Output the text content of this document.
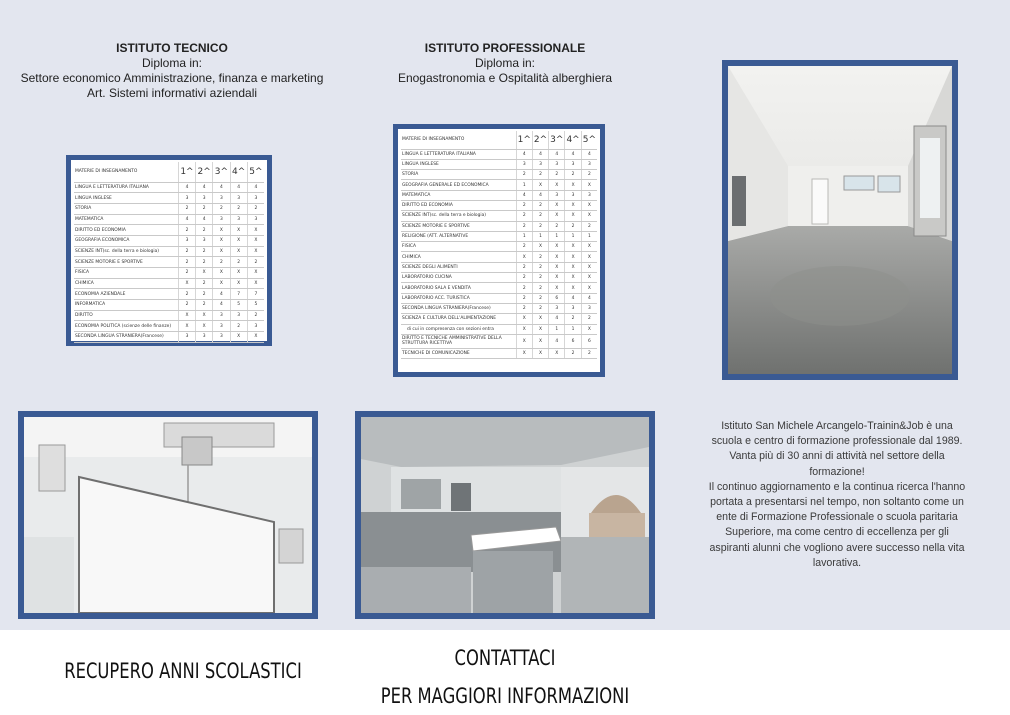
ISTITUTO TECNICO
Diploma in:
Settore economico Amministrazione, finanza e marketing
Art. Sistemi informativi aziendali
ISTITUTO PROFESSIONALE
Diploma in:
Enogastronomia e Ospitalità alberghiera
MATERIE DI INSEGNAMENTO	1^	2^	3^	4^	5^
LINGUA E LETTERATURA ITALIANA	4	4	4	4	4
LINGUA INGLESE	3	3	3	3	3
STORIA	2	2	2	2	2
MATEMATICA	4	4	3	3	3
DIRITTO ED ECONOMIA	2	2	X	X	X
GEOGRAFIA ECONOMICA	3	3	X	X	X
SCIENZE INT(sc. della terra e biologia)	2	2	X	X	X
SCIENZE MOTORIE E SPORTIVE	2	2	2	2	2
FISICA	2	X	X	X	X
CHIMICA	X	2	X	X	X
ECONOMIA AZIENDALE	2	2	4	7	7
INFORMATICA	2	2	4	5	5
DIRITTO	X	X	3	3	2
ECONOMIA POLITICA (scienze delle finanze)	X	X	3	2	3
SECONDA LINGUA STRANIERA(Francese)	3	3	3	X	X
MATERIE DI INSEGNAMENTO	1^	2^	3^	4^	5^
LINGUA E LETTERATURA ITALIANA	4	4	4	4	4
LINGUA INGLESE	3	3	3	3	3
STORIA	2	2	2	2	2
GEOGRAFIA GENERALE ED ECONOMICA	1	X	X	X	X
MATEMATICA	4	4	3	3	3
DIRITTO ED ECONOMIA	2	2	X	X	X
SCIENZE INT(sc. della terra e biologia)	2	2	X	X	X
SCIENZE MOTORIE E SPORTIVE	2	2	2	2	2
RELIGIONE (ATT. ALTERNATIVE	1	1	1	1	1
FISICA	2	X	X	X	X
CHIMICA	X	2	X	X	X
SCIENZE DEGLI ALIMENTI	2	2	X	X	X
LABORATORIO CUCINA	2	2	X	X	X
LABORATORIO SALA E VENDITA	2	2	X	X	X
LABORATORIO ACC. TURISTICA	2	2	6	4	4
SECONDA LINGUA STRANIERA(Francese)	2	2	3	3	3
SCIENZA E CULTURA DELL'ALIMENTAZIONE	X	X	4	2	2
di cui in compresenza con sezioni entra	X	X	1	1	X
DIRITTO E TECNICHE AMMINISTRATIVE DELLA STRUTTURA RICETTIVA	X	X	4	6	6
TECNICHE DI COMUNICAZIONE	X	X	X	2	2
Istituto San Michele Arcangelo-Trainin&Job è una scuola e centro di formazione professionale dal 1989. Vanta più di 30 anni di attività nel settore della formazione!
Il continuo aggiornamento e la continua ricerca l'hanno portata a presentarsi nel tempo, non soltanto come un ente di Formazione Professionale o scuola paritaria Superiore, ma come centro di eccellenza per gli aspiranti alunni che vogliono avere successo nella vita lavorativa.
RECUPERO ANNI SCOLASTICI
CONTATTACI
PER MAGGIORI INFORMAZIONI
